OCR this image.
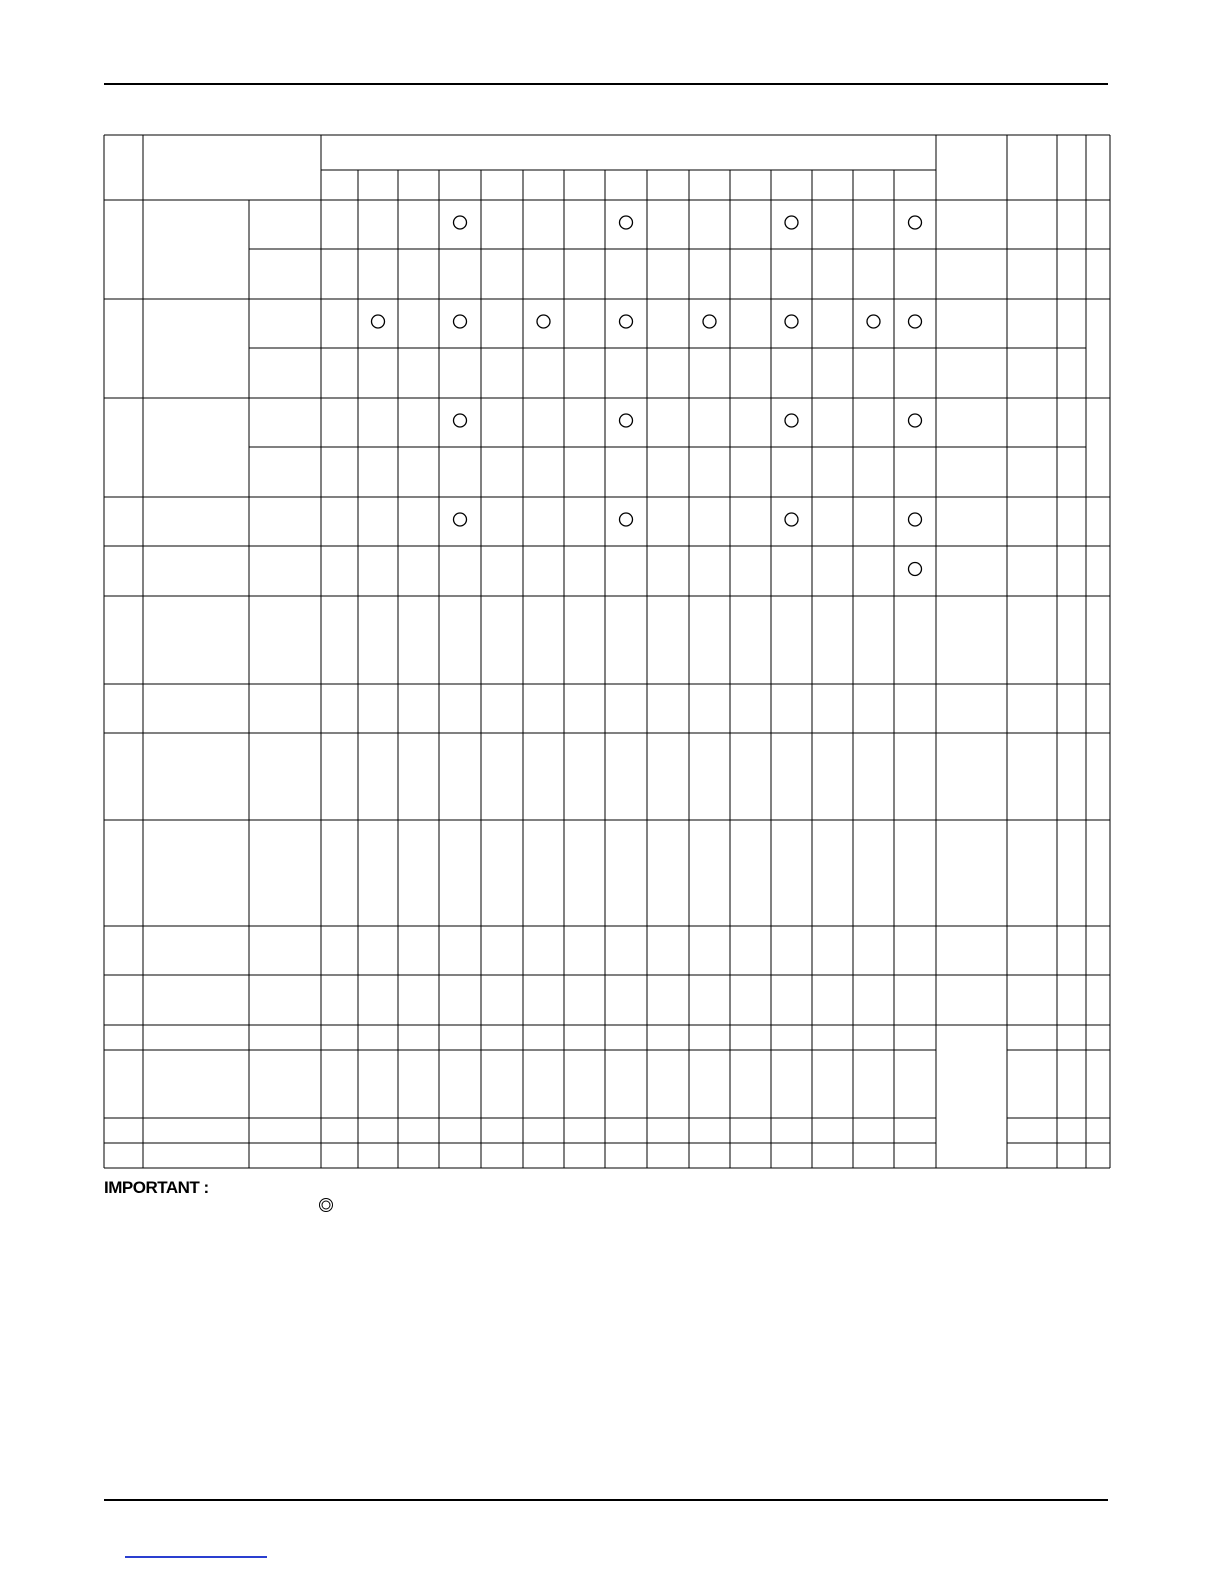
IMPORTANT :
